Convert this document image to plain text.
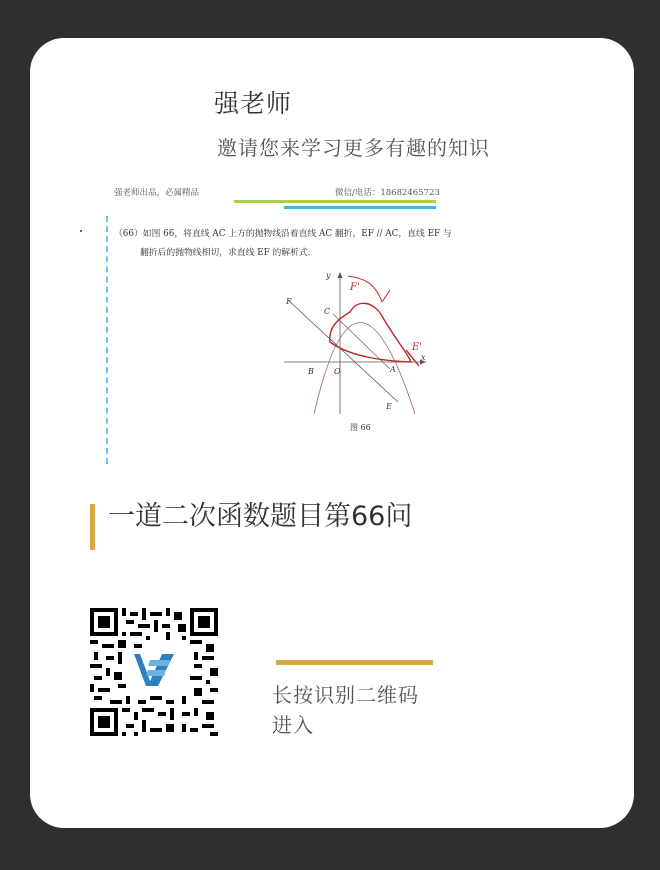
强老师
邀请您来学习更多有趣的知识
强老师出品，必属精品	微信/电话：18682465723
（66）如图 66，将直线 AC 上方的抛物线沿着直线 AC 翻折，EF // AC，直线 EF 与
翻折后的抛物线相切，求直线 EF 的解析式.
y
x
F
C
B	O	A
E
F'
E'
图 66
一道二次函数题目第66问
长按识别二维码
进入
